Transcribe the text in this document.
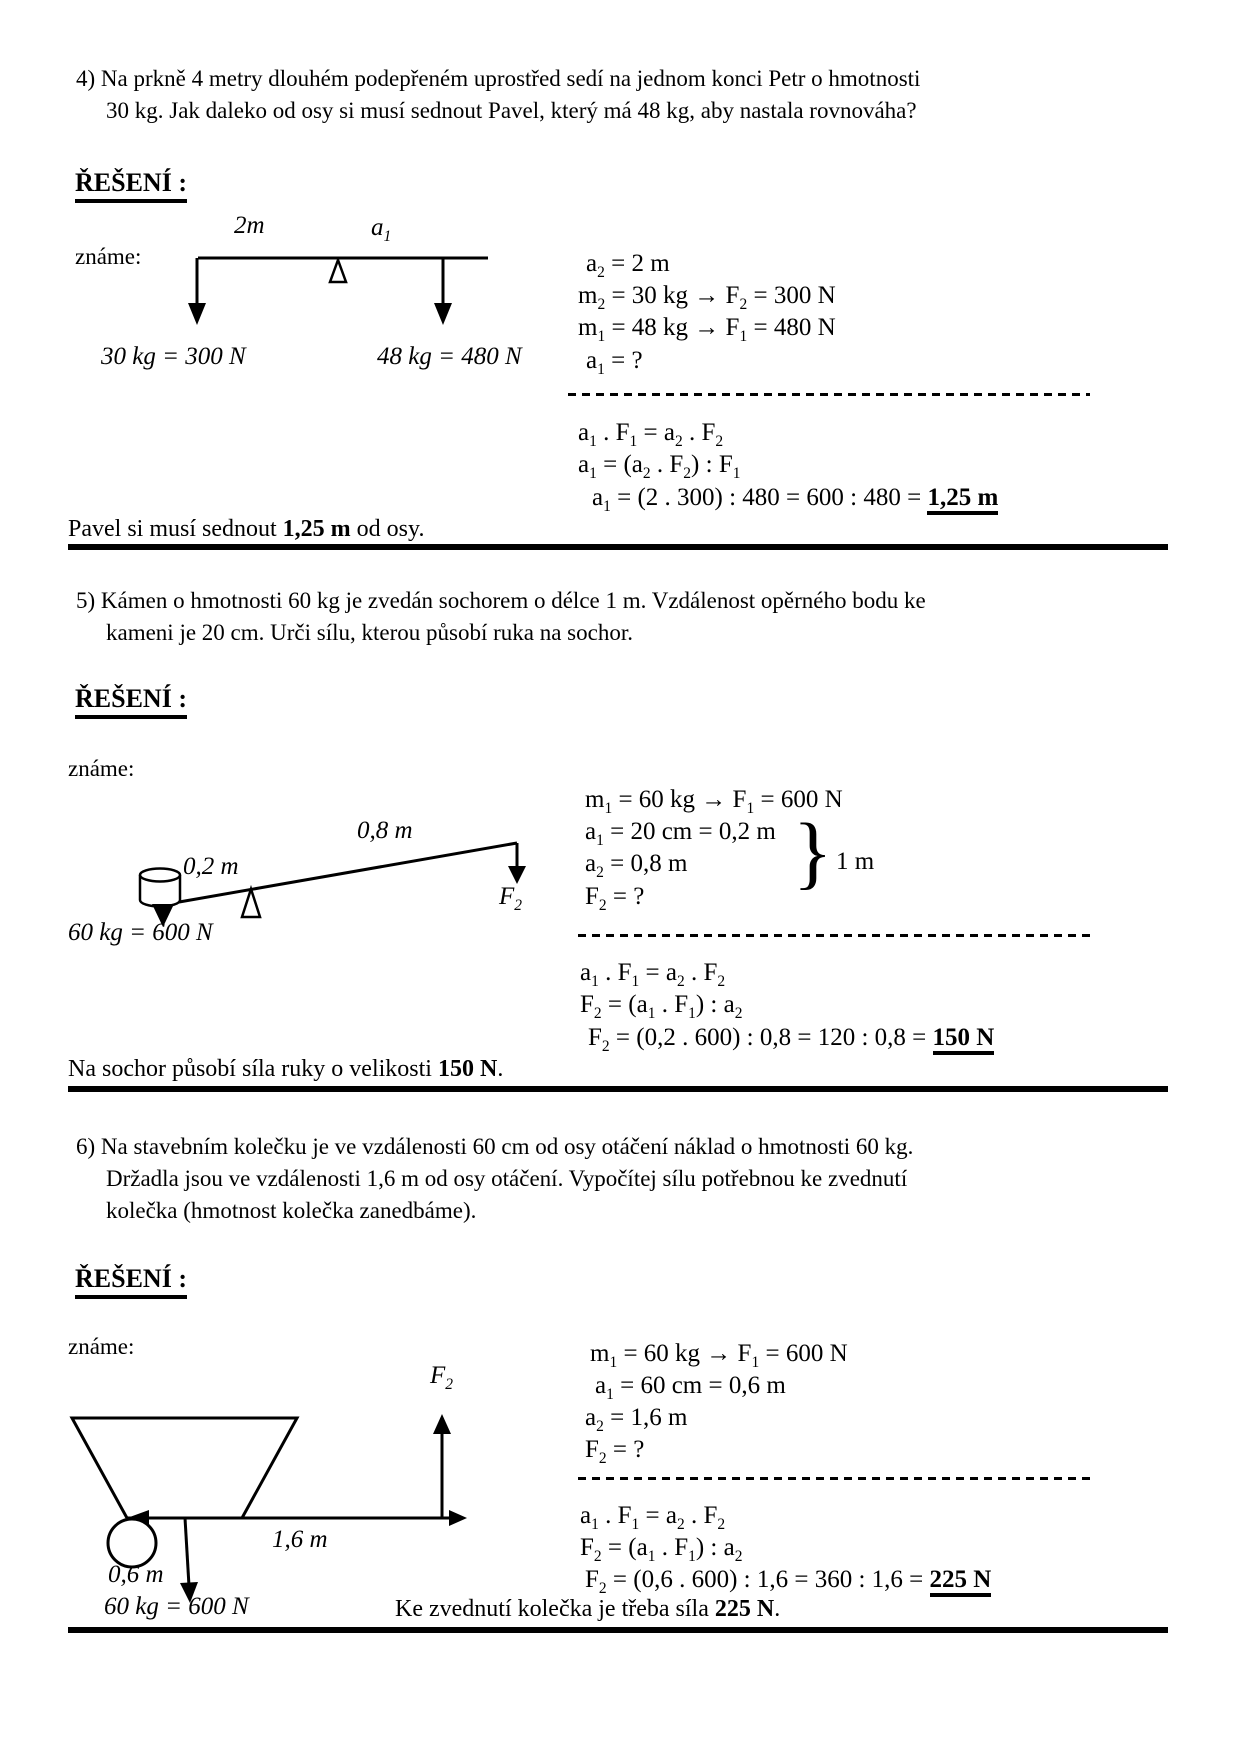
4) Na prkně 4 metry dlouhém podepřeném uprostřed sedí na jednom konci Petr o hmotnosti
30 kg. Jak daleko od osy si musí sednout Pavel, který má 48 kg, aby nastala rovnováha?
ŘEŠENÍ :
známe:
2m	$a_1$
30 kg = 300 N	48 kg = 480 N
$a_2 = 2$ m
$m_2 = 30$ kg → $F_2 = 300$ N
$m_1 = 48$ kg → $F_1 = 480$ N
$a_1$ = ?
$a_1$ . $F_1 = a_2$ . $F_2$
$a_1 = (a_2$ . $F_2$) : $F_1$
$a_1 = (2$ . 300) : 480 = 600 : 480 = 1,25 m
Pavel si musí sednout 1,25 m od osy.
5) Kámen o hmotnosti 60 kg je zvedán sochorem o délce 1 m. Vzdálenost opěrného bodu ke
kameni je 20 cm. Urči sílu, kterou působí ruka na sochor.
ŘEŠENÍ :
známe:
0,2 m
0,8 m
$F_2$
60 kg = 600 N
$m_1 = 60$ kg → $F_1 = 600$ N
$a_1 = 20$ cm = 0,2 m
$a_2 = 0,8$ m
$F_2$ = ? } 1 m
$a_1$ . $F_1 = a_2$ . $F_2$
$F_2 = (a_1$ . $F_1$) : $a_2$
$F_2 = (0,2$ . 600) : 0,8 = 120 : 0,8 = 150 N
Na sochor působí síla ruky o velikosti 150 N.
6) Na stavebním kolečku je ve vzdálenosti 60 cm od osy otáčení náklad o hmotnosti 60 kg.
Držadla jsou ve vzdálenosti 1,6 m od osy otáčení. Vypočítej sílu potřebnou ke zvednutí
kolečka (hmotnost kolečka zanedbáme).
ŘEŠENÍ :
známe:
$F_2$
1,6 m
0,6 m
60 kg = 600 N
$m_1 = 60$ kg → $F_1 = 600$ N
$a_1 = 60$ cm = 0,6 m
$a_2 = 1,6$ m
$F_2$ = ?
$a_1$ . $F_1 = a_2$ . $F_2$
$F_2 = (a_1$ . $F_1$) : $a_2$
$F_2 = (0,6$ . 600) : 1,6 = 360 : 1,6 = 225 N
Ke zvednutí kolečka je třeba síla 225 N.
